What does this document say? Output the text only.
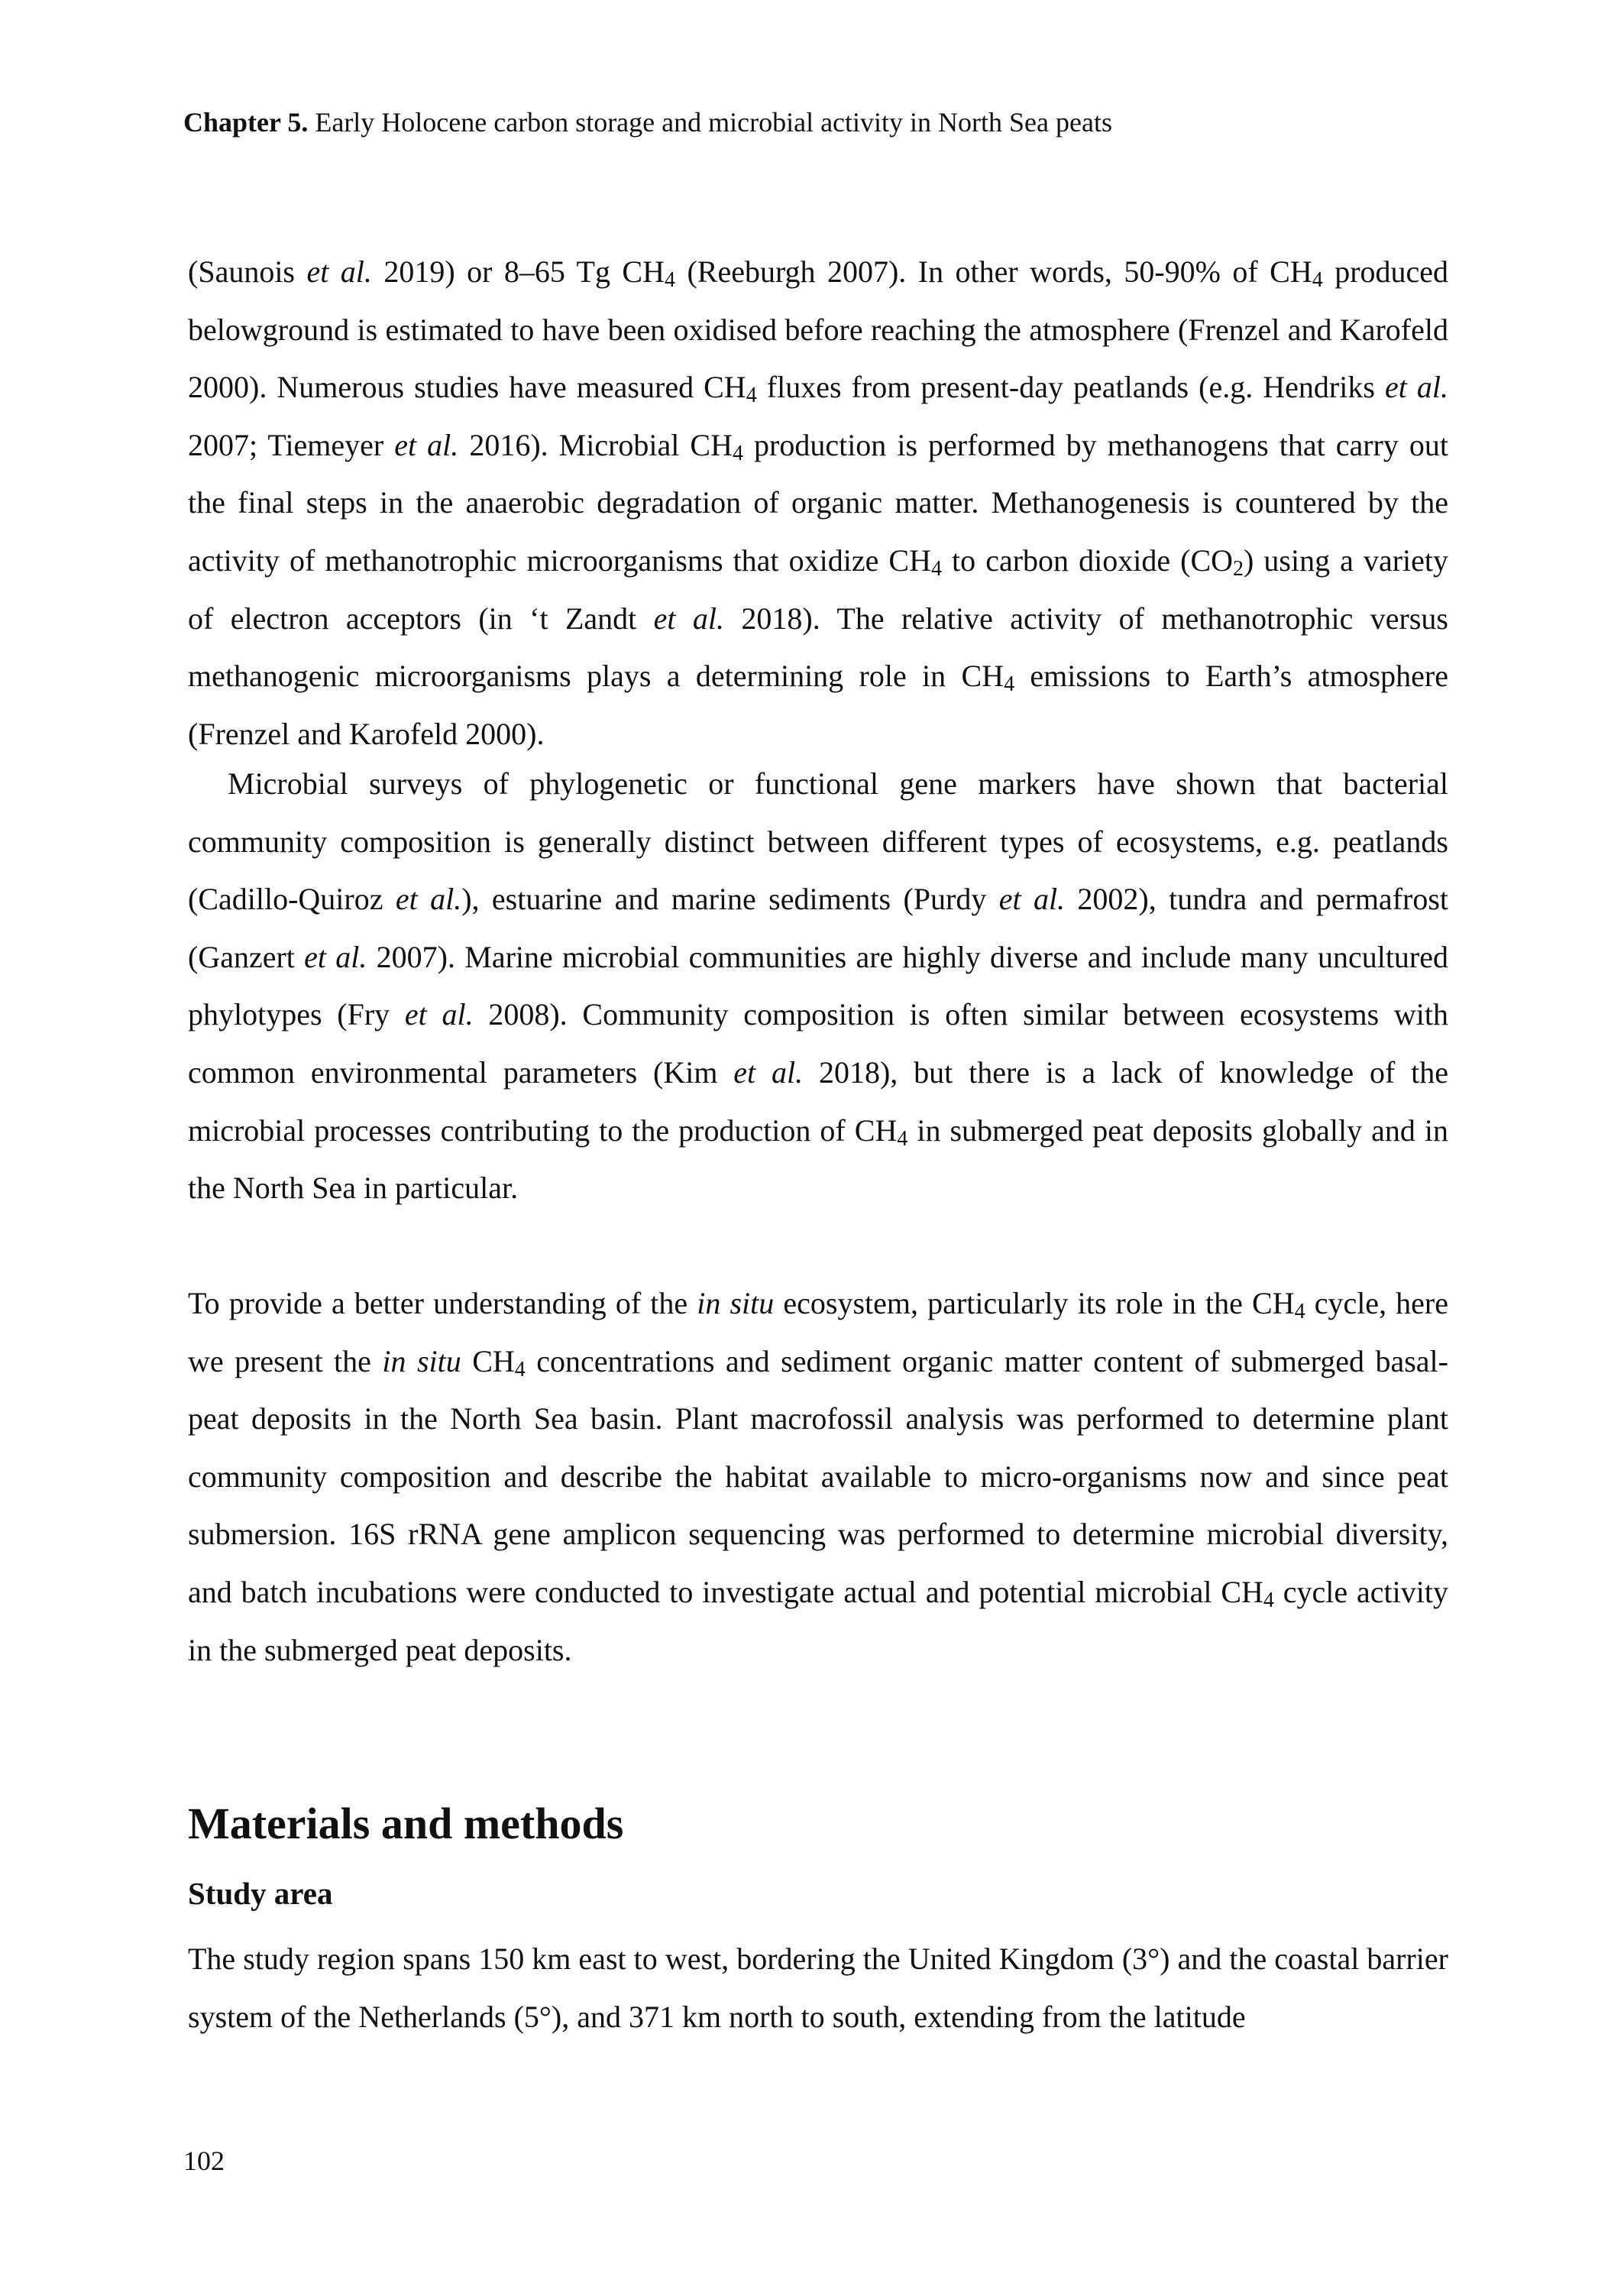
Chapter 5. Early Holocene carbon storage and microbial activity in North Sea peats

(Saunois et al. 2019) or 8–65 Tg $CH_4$ (Reeburgh 2007). In other words, 50-90% of $CH_4$ produced belowground is estimated to have been oxidised before reaching the atmosphere (Frenzel and Karofeld 2000). Numerous studies have measured $CH_4$ fluxes from present-day peatlands (e.g. Hendriks et al. 2007; Tiemeyer et al. 2016). Microbial $CH_4$ production is performed by methanogens that carry out the final steps in the anaerobic degradation of organic matter. Methanogenesis is countered by the activity of methanotrophic microorganisms that oxidize $CH_4$ to carbon dioxide $(CO_2)$ using a variety of electron acceptors (in ‘t Zandt et al. 2018). The relative activity of methanotrophic versus methanogenic microorganisms plays a determining role in $CH_4$ emissions to Earth’s atmosphere (Frenzel and Karofeld 2000).

Microbial surveys of phylogenetic or functional gene markers have shown that bacterial community composition is generally distinct between different types of ecosystems, e.g. peatlands (Cadillo-Quiroz et al.), estuarine and marine sediments (Purdy et al. 2002), tundra and permafrost (Ganzert et al. 2007). Marine microbial communities are highly diverse and include many uncultured phylotypes (Fry et al. 2008). Community composition is often similar between ecosystems with common environmental parameters (Kim et al. 2018), but there is a lack of knowledge of the microbial processes contributing to the production of $CH_4$ in submerged peat deposits globally and in the North Sea in particular.

To provide a better understanding of the in situ ecosystem, particularly its role in the $CH_4$ cycle, here we present the in situ $CH_4$ concentrations and sediment organic matter content of submerged basal-peat deposits in the North Sea basin. Plant macrofossil analysis was performed to determine plant community composition and describe the habitat available to micro-organisms now and since peat submersion. 16S rRNA gene amplicon sequencing was performed to determine microbial diversity, and batch incubations were conducted to investigate actual and potential microbial $CH_4$ cycle activity in the submerged peat deposits.

Materials and methods
Study area

The study region spans 150 km east to west, bordering the United Kingdom (3°) and the coastal barrier system of the Netherlands (5°), and 371 km north to south, extending from the latitude

102
